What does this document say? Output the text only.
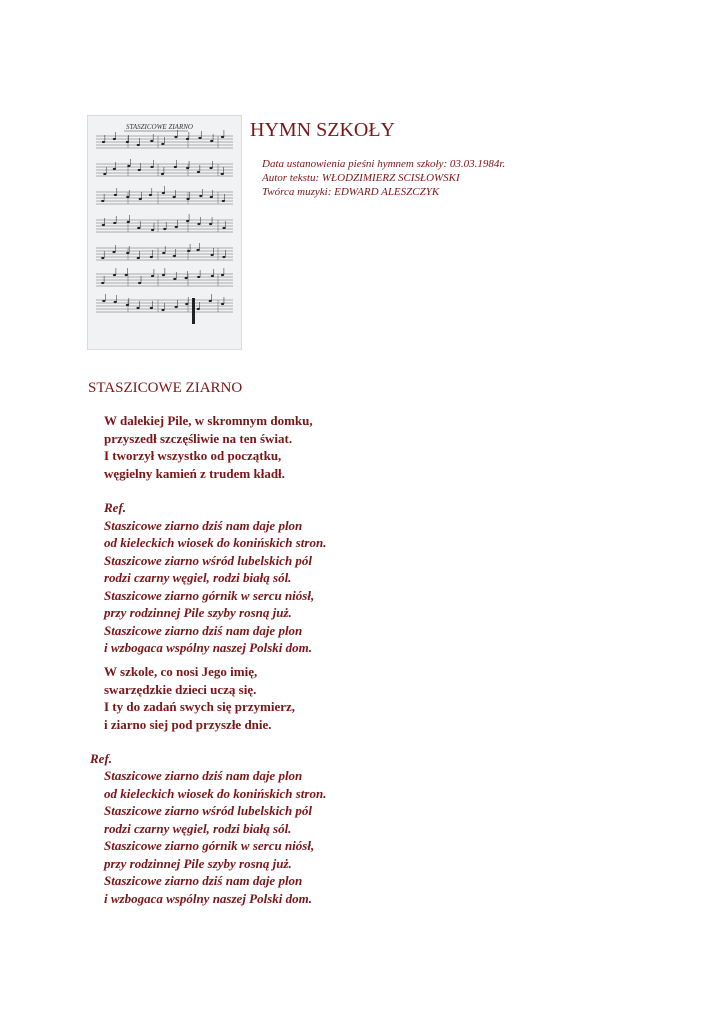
STASZICOWE ZIARNO	HYMN SZKOŁY
Data ustanowienia pieśni hymnem szkoły: 03.03.1984r.
Autor tekstu: WŁODZIMIERZ SCISŁOWSKI
Twórca muzyki: EDWARD ALESZCZYK
STASZICOWE ZIARNO
W dalekiej Pile, w skromnym domku,
przyszedł szczęśliwie na ten świat.
I tworzył wszystko od początku,
węgielny kamień z trudem kładł.
Ref.
Staszicowe ziarno dziś nam daje plon
od kieleckich wiosek do konińskich stron.
Staszicowe ziarno wśród lubelskich pól
rodzi czarny węgiel, rodzi białą sól.
Staszicowe ziarno górnik w sercu niósł,
przy rodzinnej Pile szyby rosną już.
Staszicowe ziarno dziś nam daje plon
i wzbogaca wspólny naszej Polski dom.
W szkole, co nosi Jego imię,
swarzędzkie dzieci uczą się.
I ty do zadań swych się przymierz,
i ziarno siej pod przyszłe dnie.
Ref.
Staszicowe ziarno dziś nam daje plon
od kieleckich wiosek do konińskich stron.
Staszicowe ziarno wśród lubelskich pól
rodzi czarny węgiel, rodzi białą sól.
Staszicowe ziarno górnik w sercu niósł,
przy rodzinnej Pile szyby rosną już.
Staszicowe ziarno dziś nam daje plon
i wzbogaca wspólny naszej Polski dom.
